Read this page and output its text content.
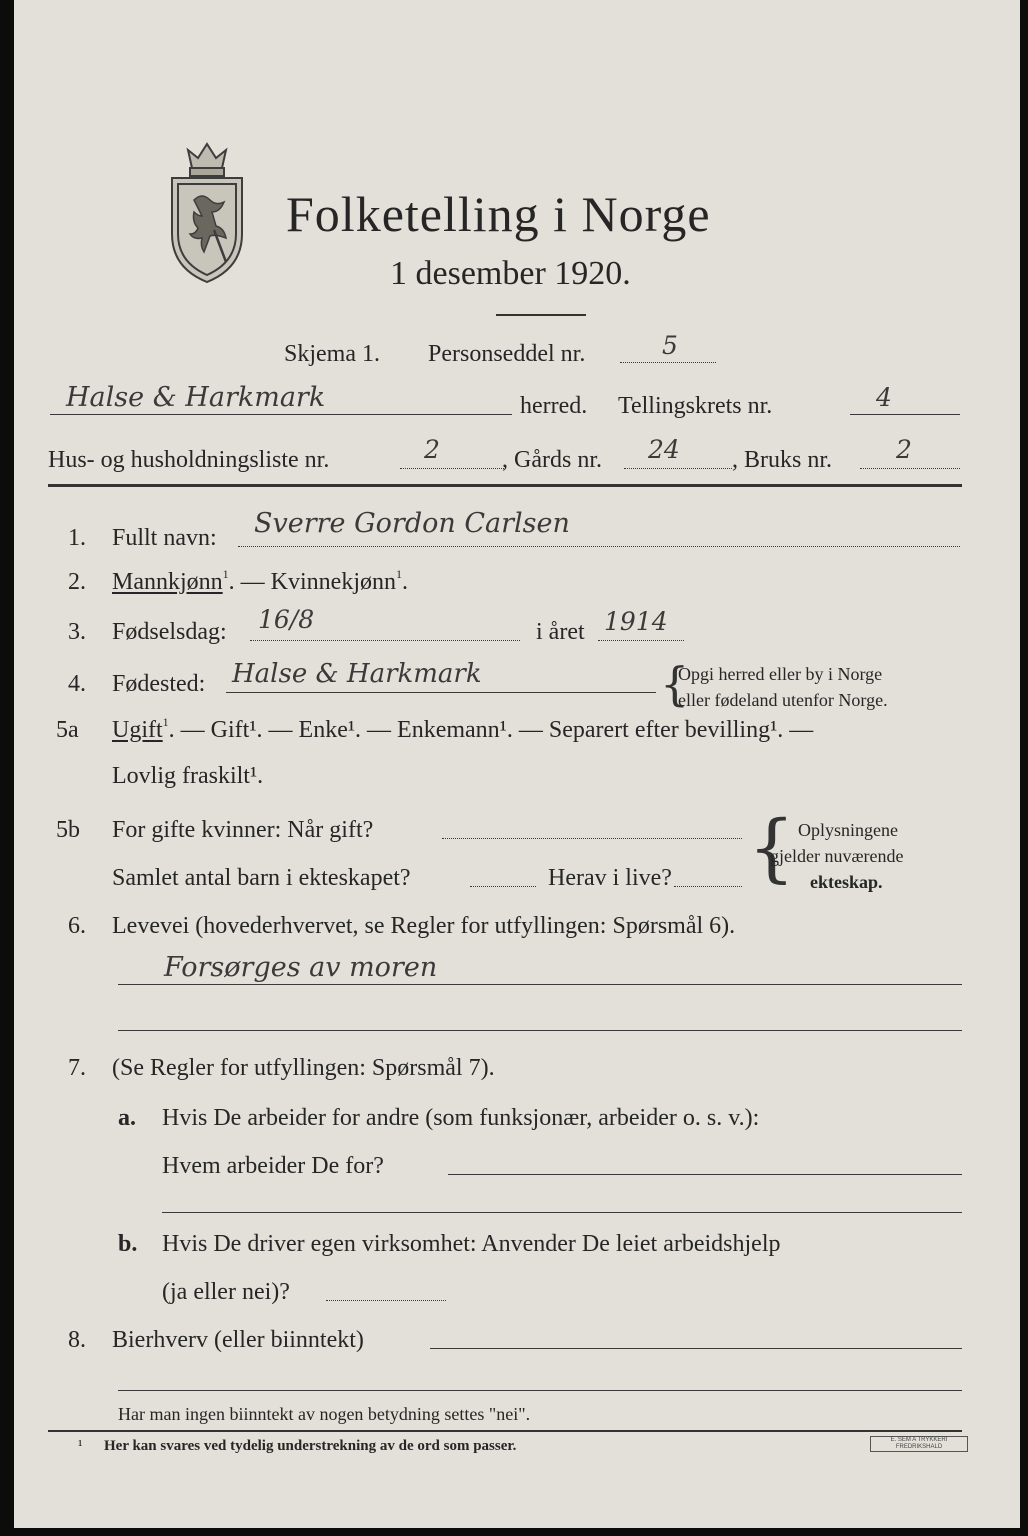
Folketelling i Norge
1 desember 1920.
Skjema 1. Personseddel nr.	5
Halse & Harkmark	herred. Tellingskrets nr.	4
Hus- og husholdningsliste nr.	2	, Gårds nr. 24 , Bruks nr.	2
1. Fullt navn: Sverre Gordon Carlsen
2. Mannkjønn$^1$. — Kvinnekjønn$^1$.
3. Fødselsdag: 16/8	i året 1914
4. Fødested: Halse & Harkmark	{
Opgi herred eller by i Norge
eller fødeland utenfor Norge.
5a Ugift$^1$. — Gift¹. — Enke¹. — Enkemann¹. — Separert efter bevilling¹. —
Lovlig fraskilt¹.
5b For gifte kvinner: Når gift?
Samlet antal barn i ekteskapet?	Herav i live? { Oplysningene
gjelder nuværende
ekteskap.
6. Levevei (hovederhvervet, se Regler for utfyllingen: Spørsmål 6).
Forsørges av moren
7. (Se Regler for utfyllingen: Spørsmål 7).
a. Hvis De arbeider for andre (som funksjonær, arbeider o. s. v.):
Hvem arbeider De for?
b. Hvis De driver egen virksomhet: Anvender De leiet arbeidshjelp
(ja eller nei)?
8. Bierhverv (eller biinntekt)
Har man ingen biinntekt av nogen betydning settes "nei".
¹ Her kan svares ved tydelig understrekning av de ord som passer.	E. SEM A TRYKKERI FREDRIKSHALD
